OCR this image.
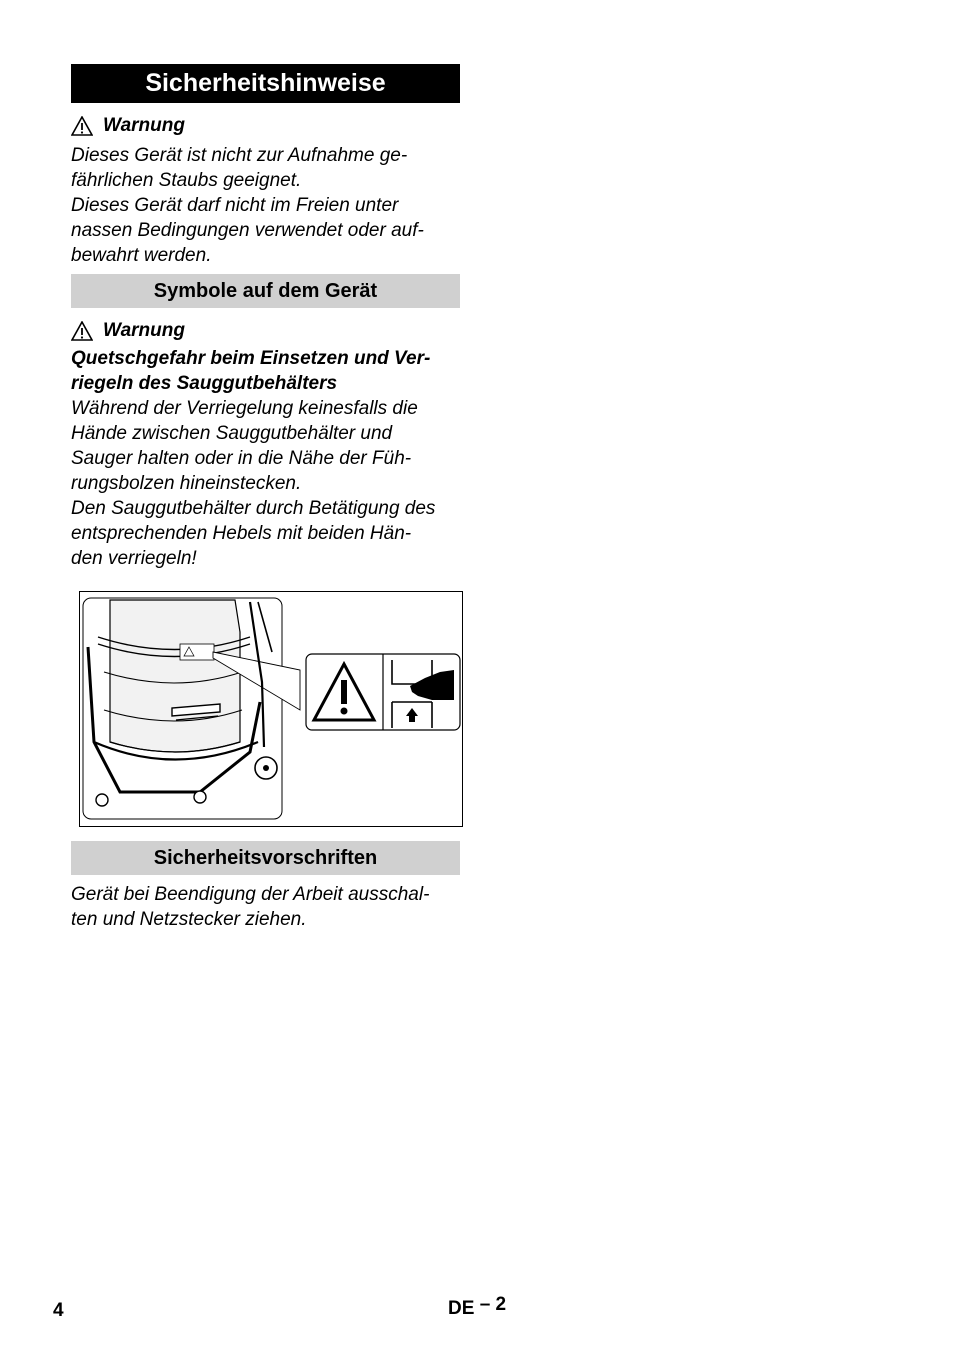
Sicherheitshinweise
Warnung
Dieses Gerät ist nicht zur Aufnahme ge-
fährlichen Staubs geeignet.
Dieses Gerät darf nicht im Freien unter
nassen Bedingungen verwendet oder auf-
bewahrt werden.
Symbole auf dem Gerät
Warnung
Quetschgefahr beim Einsetzen und Ver-
riegeln des Sauggutbehälters
Während der Verriegelung keinesfalls die
Hände zwischen Sauggutbehälter und
Sauger halten oder in die Nähe der Füh-
rungsbolzen hineinstecken.
Den Sauggutbehälter durch Betätigung des
entsprechenden Hebels mit beiden Hän-
den verriegeln!
Sicherheitsvorschriften
Gerät bei Beendigung der Arbeit ausschal-
ten und Netzstecker ziehen.
4	DE – 2
